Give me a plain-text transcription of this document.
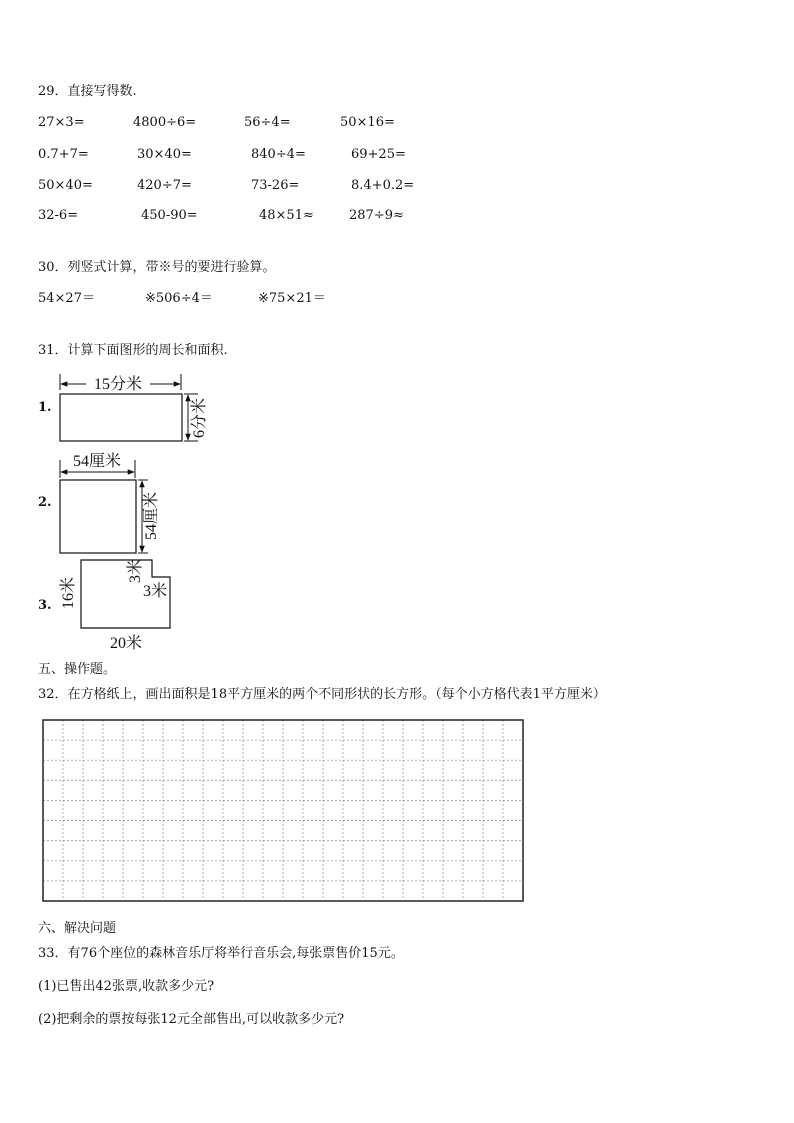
29．直接写得数.
27×3=	4800÷6=	56÷4=	50×16=
0.7+7=	30×40=	840÷4=	69+25=
50×40=	420÷7=	73-26=	8.4+0.2=
32-6=	450-90=	48×51≈	287÷9≈
30．列竖式计算，带※号的要进行验算。
54×27＝	※506÷4＝	※75×21＝
31．计算下面图形的周长和面积.
1.
15分米
6分米
2.
54厘米
54厘米
3. 16米
3米
3米
20米
五、操作题。
32．在方格纸上，画出面积是18平方厘米的两个不同形状的长方形。（每个小方格代表1平方厘米）
六、解决问题
33．有76个座位的森林音乐厅将举行音乐会,每张票售价15元。
(1)已售出42张票,收款多少元?
(2)把剩余的票按每张12元全部售出,可以收款多少元?
